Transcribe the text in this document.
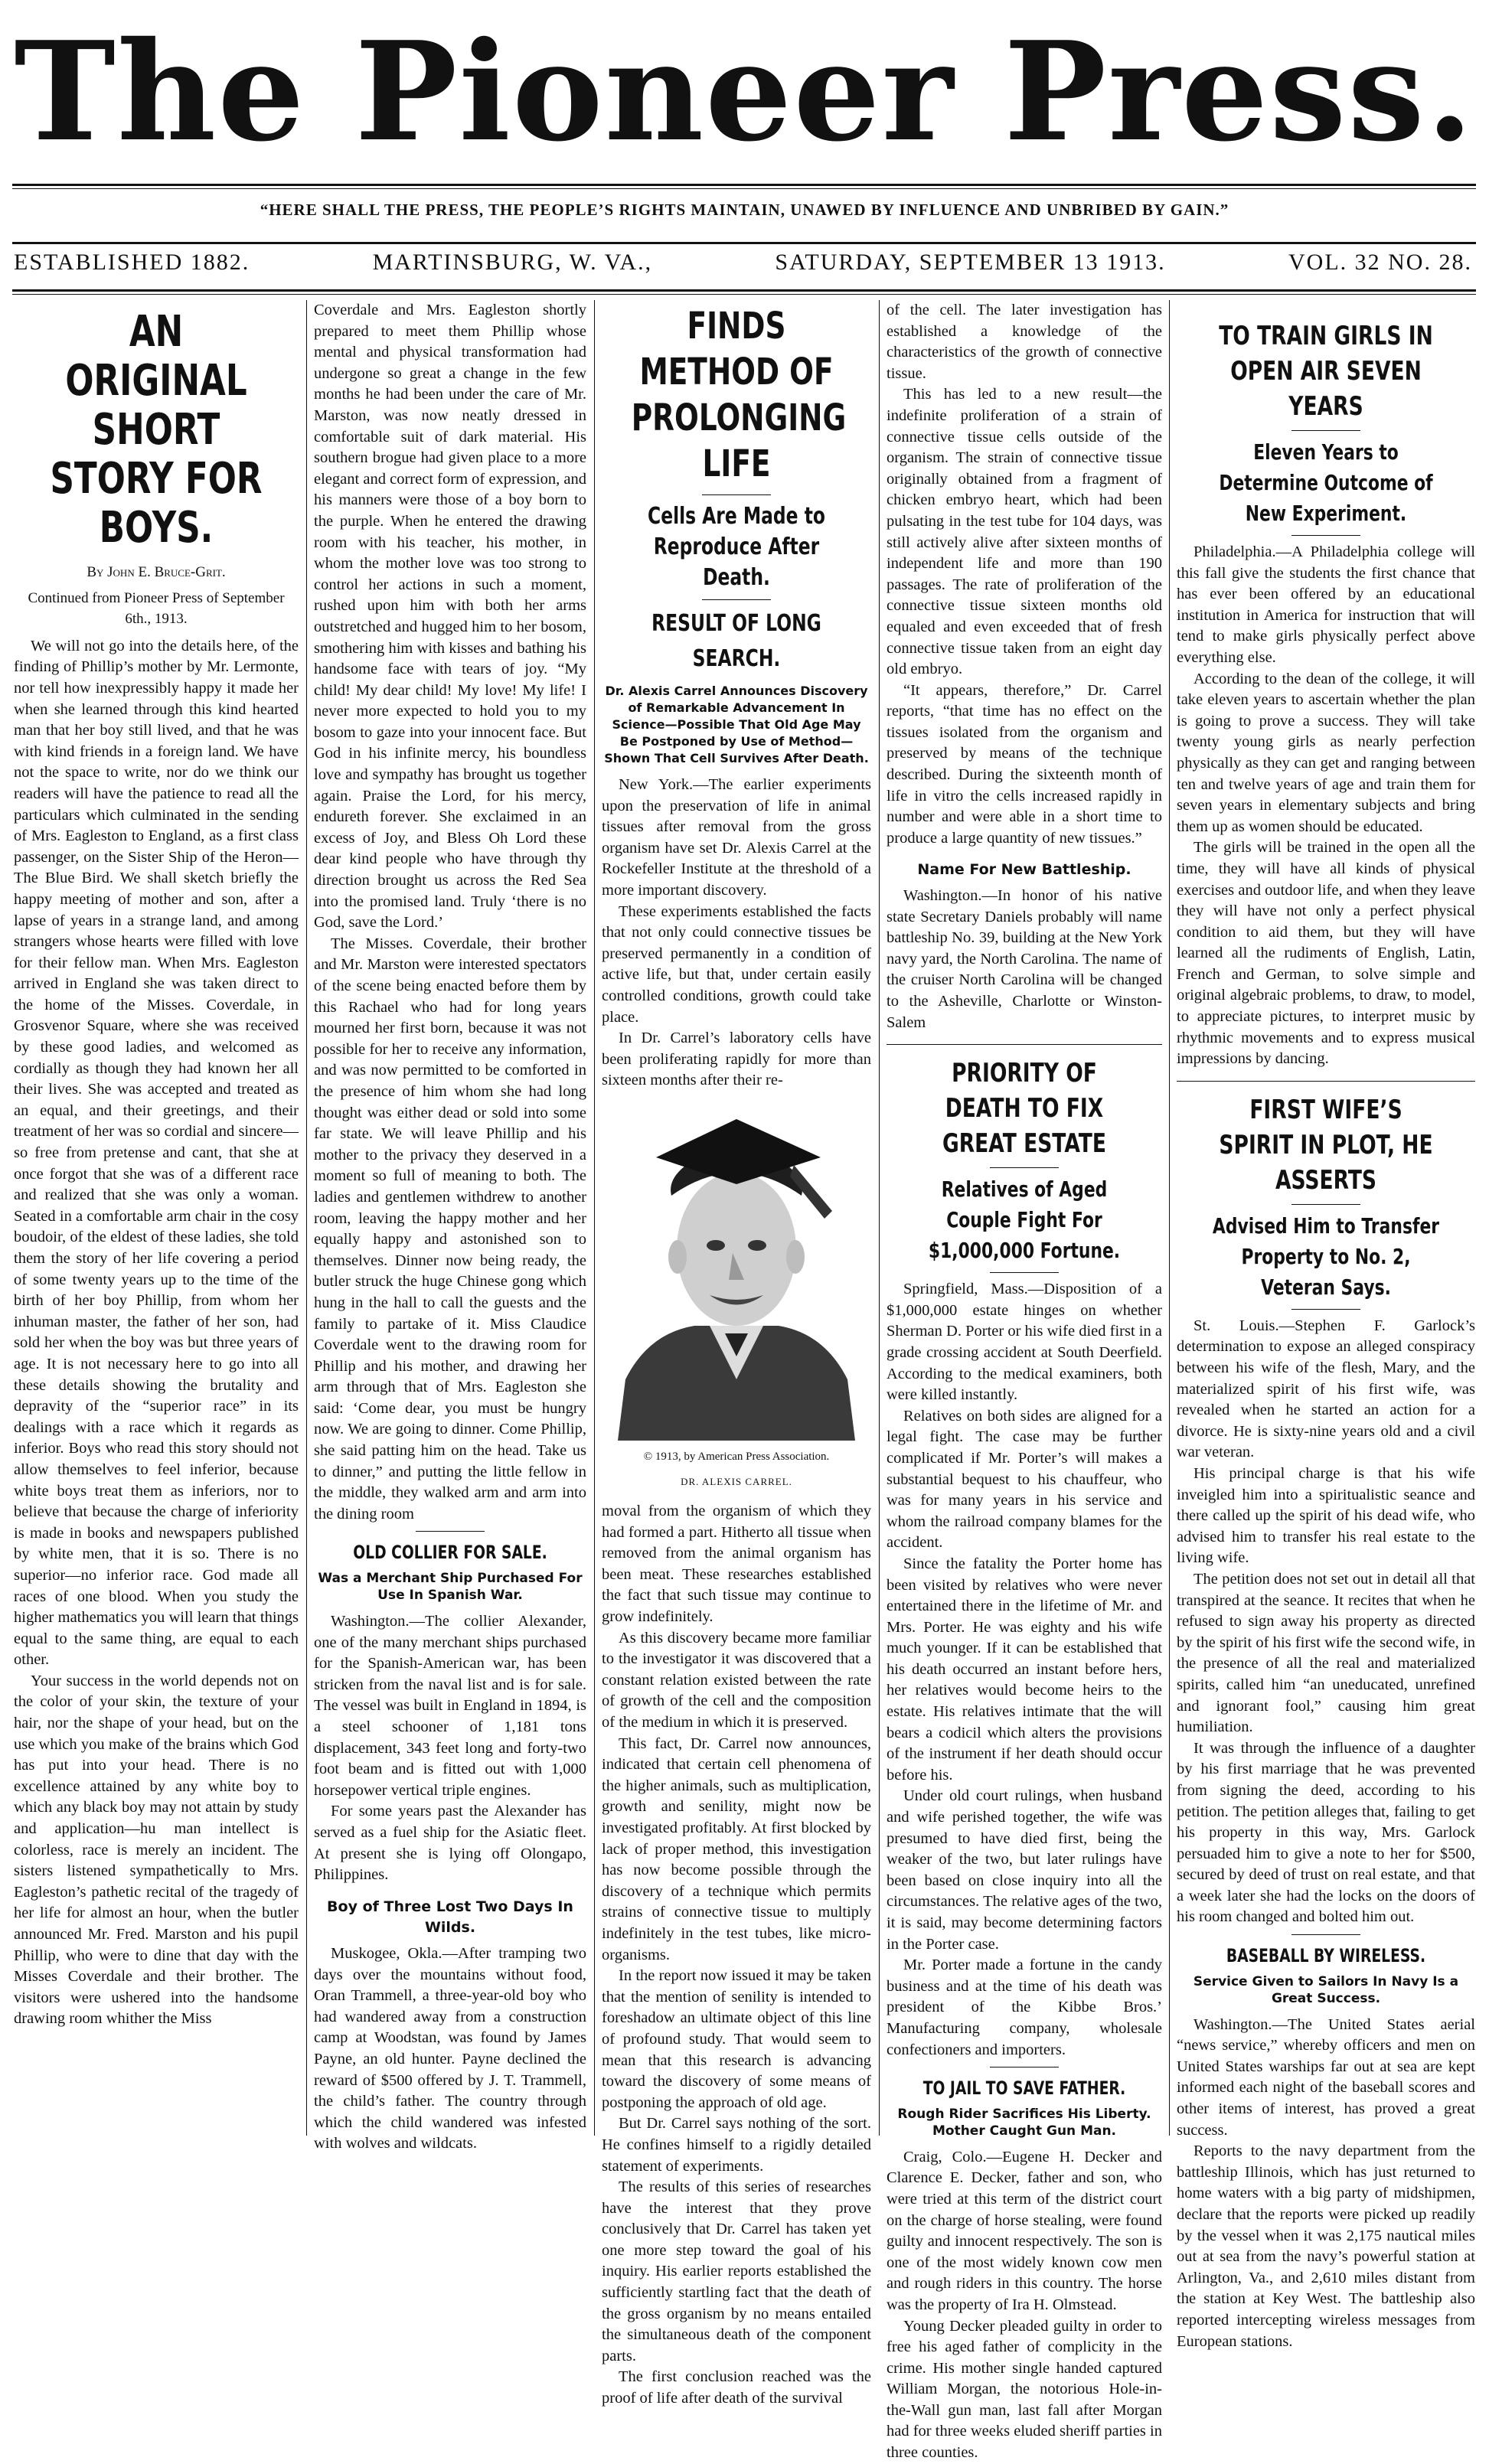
The Pioneer Press.
“HERE SHALL THE PRESS, THE PEOPLE’S RIGHTS MAINTAIN, UNAWED BY INFLUENCE AND UNBRIBED BY GAIN.”
ESTABLISHED 1882.	MARTINSBURG, W. VA.,	SATURDAY, SEPTEMBER 13 1913.	VOL. 32 NO. 28.
AN ORIGINAL SHORT STORY FOR BOYS.
By John E. Bruce-Grit.
Continued from Pioneer Press of September 6th., 1913.

We will not go into the details here, of the finding of Phillip’s mother by Mr. Lermonte, nor tell how inexpressibly happy it made her when she learned through this kind hearted man that her boy still lived, and that he was with kind friends in a foreign land. We have not the space to write, nor do we think our readers will have the patience to read all the particulars which culminated in the sending of Mrs. Eagleston to England, as a first class passenger, on the Sister Ship of the Heron—The Blue Bird. We shall sketch briefly the happy meeting of mother and son, after a lapse of years in a strange land, and among strangers whose hearts were filled with love for their fellow man. When Mrs. Eagleston arrived in England she was taken direct to the home of the Misses. Coverdale, in Grosvenor Square, where she was received by these good ladies, and welcomed as cordially as though they had known her all their lives. She was accepted and treated as an equal, and their greetings, and their treatment of her was so cordial and sincere—so free from pretense and cant, that she at once forgot that she was of a different race and realized that she was only a woman. Seated in a comfortable arm chair in the cosy boudoir, of the eldest of these ladies, she told them the story of her life covering a period of some twenty years up to the time of the birth of her boy Phillip, from whom her inhuman master, the father of her son, had sold her when the boy was but three years of age. It is not necessary here to go into all these details showing the brutality and depravity of the “superior race” in its dealings with a race which it regards as inferior. Boys who read this story should not allow themselves to feel inferior, because white boys treat them as inferiors, nor to believe that because the charge of inferiority is made in books and newspapers published by white men, that it is so. There is no superior—no inferior race. God made all races of one blood. When you study the higher mathematics you will learn that things equal to the same thing, are equal to each other.

Your success in the world depends not on the color of your skin, the texture of your hair, nor the shape of your head, but on the use which you make of the brains which God has put into your head. There is no excellence attained by any white boy to which any black boy may not attain by study and application—hu man intellect is colorless, race is merely an incident. The sisters listened sympathetically to Mrs. Eagleston’s pathetic recital of the tragedy of her life for almost an hour, when the butler announced Mr. Fred. Marston and his pupil Phillip, who were to dine that day with the Misses Coverdale and their brother. The visitors were ushered into the handsome drawing room whither the Miss

Coverdale and Mrs. Eagleston shortly prepared to meet them Phillip whose mental and physical transformation had undergone so great a change in the few months he had been under the care of Mr. Marston, was now neatly dressed in comfortable suit of dark material. His southern brogue had given place to a more elegant and correct form of expression, and his manners were those of a boy born to the purple. When he entered the drawing room with his teacher, his mother, in whom the mother love was too strong to control her actions in such a moment, rushed upon him with both her arms outstretched and hugged him to her bosom, smothering him with kisses and bathing his handsome face with tears of joy. “My child! My dear child! My love! My life! I never more expected to hold you to my bosom to gaze into your innocent face. But God in his infinite mercy, his boundless love and sympathy has brought us together again. Praise the Lord, for his mercy, endureth forever. She exclaimed in an excess of Joy, and Bless Oh Lord these dear kind people who have through thy direction brought us across the Red Sea into the promised land. Truly ‘there is no God, save the Lord.’

The Misses. Coverdale, their brother and Mr. Marston were interested spectators of the scene being enacted before them by this Rachael who had for long years mourned her first born, because it was not possible for her to receive any information, and was now permitted to be comforted in the presence of him whom she had long thought was either dead or sold into some far state. We will leave Phillip and his mother to the privacy they deserved in a moment so full of meaning to both. The ladies and gentlemen withdrew to another room, leaving the happy mother and her equally happy and astonished son to themselves. Dinner now being ready, the butler struck the huge Chinese gong which hung in the hall to call the guests and the family to partake of it. Miss Claudice Coverdale went to the drawing room for Phillip and his mother, and drawing her arm through that of Mrs. Eagleston she said: ‘Come dear, you must be hungry now. We are going to dinner. Come Phillip, she said patting him on the head. Take us to dinner,” and putting the little fellow in the middle, they walked arm and arm into the dining room

OLD COLLIER FOR SALE.
Was a Merchant Ship Purchased For Use In Spanish War.

Washington.—The collier Alexander, one of the many merchant ships purchased for the Spanish-American war, has been stricken from the naval list and is for sale. The vessel was built in England in 1894, is a steel schooner of 1,181 tons displacement, 343 feet long and forty-two foot beam and is fitted out with 1,000 horsepower vertical triple engines.

For some years past the Alexander has served as a fuel ship for the Asiatic fleet. At present she is lying off Olongapo, Philippines.

Boy of Three Lost Two Days In Wilds.

Muskogee, Okla.—After tramping two days over the mountains without food, Oran Trammell, a three-year-old boy who had wandered away from a construction camp at Woodstan, was found by James Payne, an old hunter. Payne declined the reward of $500 offered by J. T. Trammell, the child’s father. The country through which the child wandered was infested with wolves and wildcats.

FINDS METHOD OF PROLONGING LIFE
Cells Are Made to Reproduce After Death.
RESULT OF LONG SEARCH.
Dr. Alexis Carrel Announces Discovery of Remarkable Advancement In Science—Possible That Old Age May Be Postponed by Use of Method—Shown That Cell Survives After Death.

New York.—The earlier experiments upon the preservation of life in animal tissues after removal from the gross organism have set Dr. Alexis Carrel at the Rockefeller Institute at the threshold of a more important discovery.

These experiments established the facts that not only could connective tissues be preserved permanently in a condition of active life, but that, under certain easily controlled conditions, growth could take place.

In Dr. Carrel’s laboratory cells have been proliferating rapidly for more than sixteen months after their re-

© 1913, by American Press Association.
DR. ALEXIS CARREL.

moval from the organism of which they had formed a part. Hitherto all tissue when removed from the animal organism has been meat. These researches established the fact that such tissue may continue to grow indefinitely.

As this discovery became more familiar to the investigator it was discovered that a constant relation existed between the rate of growth of the cell and the composition of the medium in which it is preserved.

This fact, Dr. Carrel now announces, indicated that certain cell phenomena of the higher animals, such as multiplication, growth and senility, might now be investigated profitably. At first blocked by lack of proper method, this investigation has now become possible through the discovery of a technique which permits strains of connective tissue to multiply indefinitely in the test tubes, like micro-organisms.

In the report now issued it may be taken that the mention of senility is intended to foreshadow an ultimate object of this line of profound study. That would seem to mean that this research is advancing toward the discovery of some means of postponing the approach of old age.

But Dr. Carrel says nothing of the sort. He confines himself to a rigidly detailed statement of experiments.

The results of this series of researches have the interest that they prove conclusively that Dr. Carrel has taken yet one more step toward the goal of his inquiry. His earlier reports established the sufficiently startling fact that the death of the gross organism by no means entailed the simultaneous death of the component parts.

The first conclusion reached was the proof of life after death of the survival

of the cell. The later investigation has established a knowledge of the characteristics of the growth of connective tissue.

This has led to a new result—the indefinite proliferation of a strain of connective tissue cells outside of the organism. The strain of connective tissue originally obtained from a fragment of chicken embryo heart, which had been pulsating in the test tube for 104 days, was still actively alive after sixteen months of independent life and more than 190 passages. The rate of proliferation of the connective tissue sixteen months old equaled and even exceeded that of fresh connective tissue taken from an eight day old embryo.

“It appears, therefore,” Dr. Carrel reports, “that time has no effect on the tissues isolated from the organism and preserved by means of the technique described. During the sixteenth month of life in vitro the cells increased rapidly in number and were able in a short time to produce a large quantity of new tissues.”

Name For New Battleship.

Washington.—In honor of his native state Secretary Daniels probably will name battleship No. 39, building at the New York navy yard, the North Carolina. The name of the cruiser North Carolina will be changed to the Asheville, Charlotte or Winston-Salem

PRIORITY OF DEATH TO FIX GREAT ESTATE
Relatives of Aged Couple Fight For $1,000,000 Fortune.

Springfield, Mass.—Disposition of a $1,000,000 estate hinges on whether Sherman D. Porter or his wife died first in a grade crossing accident at South Deerfield. According to the medical examiners, both were killed instantly.

Relatives on both sides are aligned for a legal fight. The case may be further complicated if Mr. Porter’s will makes a substantial bequest to his chauffeur, who was for many years in his service and whom the railroad company blames for the accident.

Since the fatality the Porter home has been visited by relatives who were never entertained there in the lifetime of Mr. and Mrs. Porter. He was eighty and his wife much younger. If it can be established that his death occurred an instant before hers, her relatives would become heirs to the estate. His relatives intimate that the will bears a codicil which alters the provisions of the instrument if her death should occur before his.

Under old court rulings, when husband and wife perished together, the wife was presumed to have died first, being the weaker of the two, but later rulings have been based on close inquiry into all the circumstances. The relative ages of the two, it is said, may become determining factors in the Porter case.

Mr. Porter made a fortune in the candy business and at the time of his death was president of the Kibbe Bros.’ Manufacturing company, wholesale confectioners and importers.

TO JAIL TO SAVE FATHER.
Rough Rider Sacrifices His Liberty. Mother Caught Gun Man.

Craig, Colo.—Eugene H. Decker and Clarence E. Decker, father and son, who were tried at this term of the district court on the charge of horse stealing, were found guilty and innocent respectively. The son is one of the most widely known cow men and rough riders in this country. The horse was the property of Ira H. Olmstead.

Young Decker pleaded guilty in order to free his aged father of complicity in the crime. His mother single handed captured William Morgan, the notorious Hole-in-the-Wall gun man, last fall after Morgan had for three weeks eluded sheriff parties in three counties.

TO TRAIN GIRLS IN OPEN AIR SEVEN YEARS
Eleven Years to Determine Outcome of New Experiment.

Philadelphia.—A Philadelphia college will this fall give the students the first chance that has ever been offered by an educational institution in America for instruction that will tend to make girls physically perfect above everything else.

According to the dean of the college, it will take eleven years to ascertain whether the plan is going to prove a success. They will take twenty young girls as nearly perfection physically as they can get and ranging between ten and twelve years of age and train them for seven years in elementary subjects and bring them up as women should be educated.

The girls will be trained in the open all the time, they will have all kinds of physical exercises and outdoor life, and when they leave they will have not only a perfect physical condition to aid them, but they will have learned all the rudiments of English, Latin, French and German, to solve simple and original algebraic problems, to draw, to model, to appreciate pictures, to interpret music by rhythmic movements and to express musical impressions by dancing.

FIRST WIFE’S SPIRIT IN PLOT, HE ASSERTS
Advised Him to Transfer Property to No. 2, Veteran Says.

St. Louis.—Stephen F. Garlock’s determination to expose an alleged conspiracy between his wife of the flesh, Mary, and the materialized spirit of his first wife, was revealed when he started an action for a divorce. He is sixty-nine years old and a civil war veteran.

His principal charge is that his wife inveigled him into a spiritualistic seance and there called up the spirit of his dead wife, who advised him to transfer his real estate to the living wife.

The petition does not set out in detail all that transpired at the seance. It recites that when he refused to sign away his property as directed by the spirit of his first wife the second wife, in the presence of all the real and materialized spirits, called him “an uneducated, unrefined and ignorant fool,” causing him great humiliation.

It was through the influence of a daughter by his first marriage that he was prevented from signing the deed, according to his petition. The petition alleges that, failing to get his property in this way, Mrs. Garlock persuaded him to give a note to her for $500, secured by deed of trust on real estate, and that a week later she had the locks on the doors of his room changed and bolted him out.

BASEBALL BY WIRELESS.
Service Given to Sailors In Navy Is a Great Success.

Washington.—The United States aerial “news service,” whereby officers and men on United States warships far out at sea are kept informed each night of the baseball scores and other items of interest, has proved a great success.

Reports to the navy department from the battleship Illinois, which has just returned to home waters with a big party of midshipmen, declare that the reports were picked up readily by the vessel when it was 2,175 nautical miles out at sea from the navy’s powerful station at Arlington, Va., and 2,610 miles distant from the station at Key West. The battleship also reported intercepting wireless messages from European stations.
